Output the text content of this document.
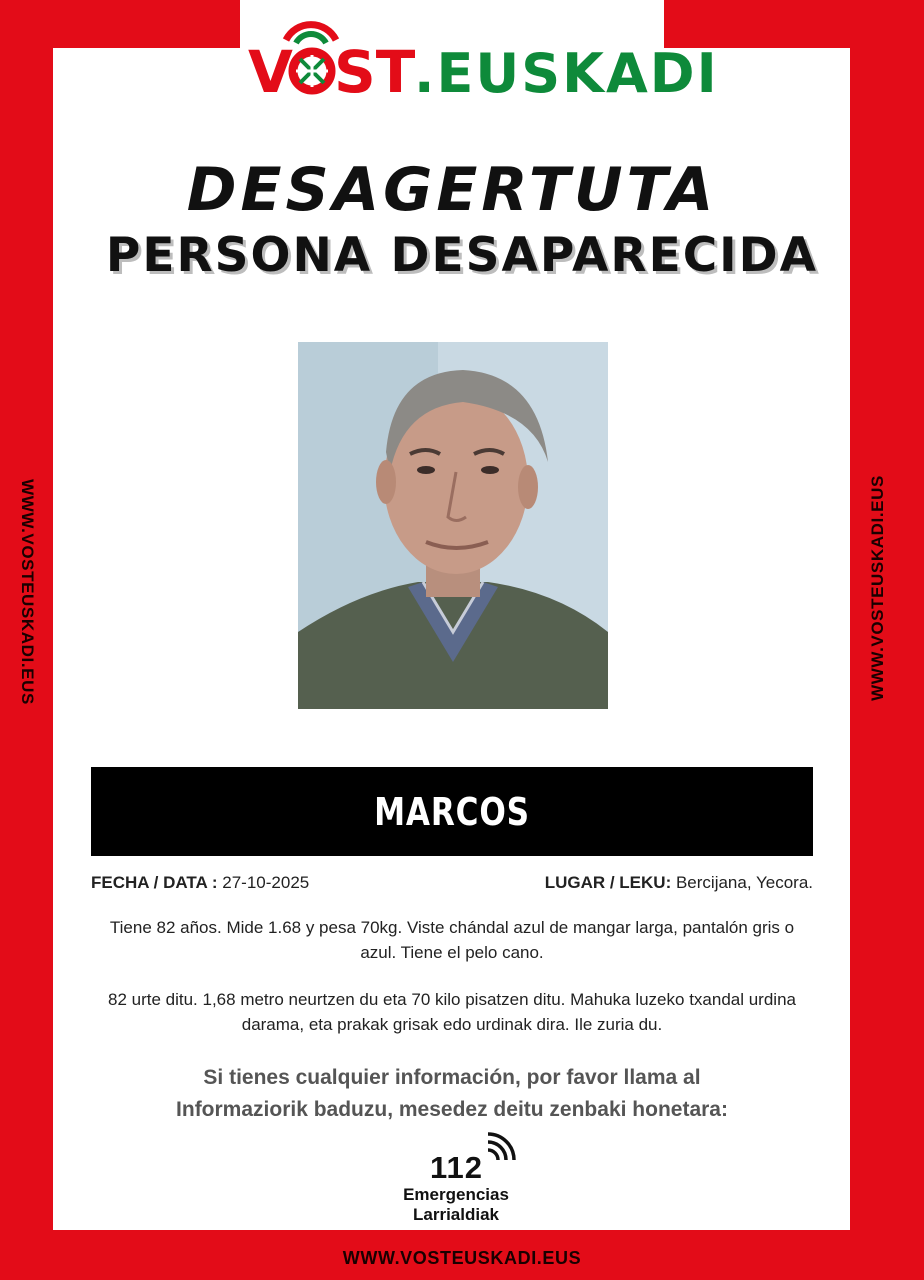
V ST
.EUSKADI
WWW.VOSTEUSKADI.EUS	WWW.VOSTEUSKADI.EUS
DESAGERTUTA
PERSONA DESAPARECIDA
MARCOS
FECHA / DATA : 27-10-2025	LUGAR / LEKU: Bercijana, Yecora.
Tiene 82 años. Mide 1.68 y pesa 70kg. Viste chándal azul de mangar larga, pantalón gris o azul. Tiene el pelo cano.
82 urte ditu. 1,68 metro neurtzen du eta 70 kilo pisatzen ditu. Mahuka luzeko txandal urdina darama, eta prakak grisak edo urdinak dira. Ile zuria du.
Si tienes cualquier información, por favor llama al
Informaziorik baduzu, mesedez deitu zenbaki honetara:
112
Emergencias
Larrialdiak
WWW.VOSTEUSKADI.EUS
